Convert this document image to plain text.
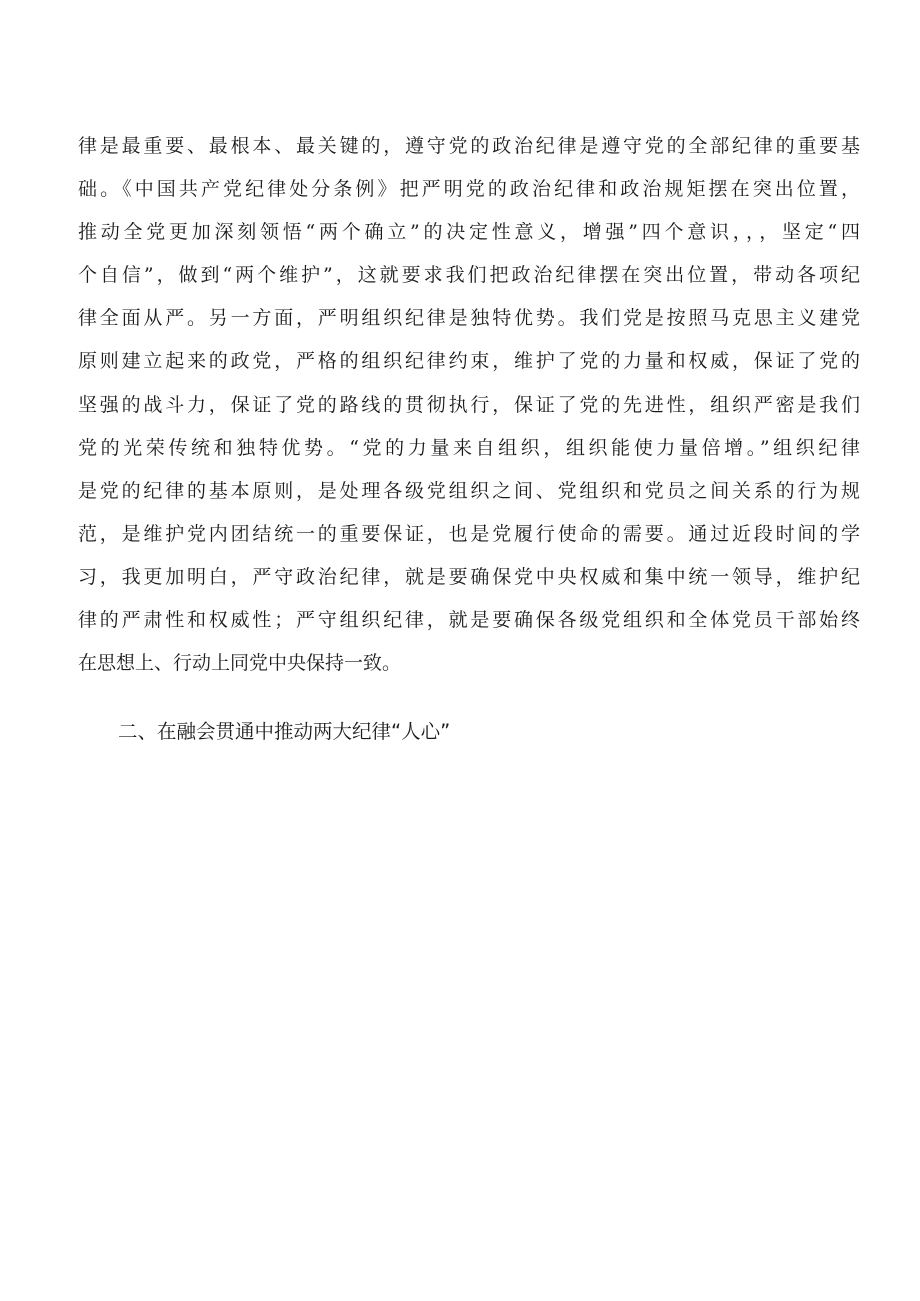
律是最重要、最根本、最关键的，遵守党的政治纪律是遵守党的全部纪律的重要基
础。《中国共产党纪律处分条例》把严明党的政治纪律和政治规矩摆在突出位置，
推动全党更加深刻领悟“两个确立”的决定性意义，增强”四个意识，，，坚定“四
个自信”，做到“两个维护”，这就要求我们把政治纪律摆在突出位置，带动各项纪
律全面从严。另一方面，严明组织纪律是独特优势。我们党是按照马克思主义建党
原则建立起来的政党，严格的组织纪律约束，维护了党的力量和权威，保证了党的
坚强的战斗力，保证了党的路线的贯彻执行，保证了党的先进性，组织严密是我们
党的光荣传统和独特优势。“党的力量来自组织，组织能使力量倍增。”组织纪律
是党的纪律的基本原则，是处理各级党组织之间、党组织和党员之间关系的行为规
范，是维护党内团结统一的重要保证，也是党履行使命的需要。通过近段时间的学
习，我更加明白，严守政治纪律，就是要确保党中央权威和集中统一领导，维护纪
律的严肃性和权威性；严守组织纪律，就是要确保各级党组织和全体党员干部始终
在思想上、行动上同党中央保持一致。
二、在融会贯通中推动两大纪律“人心”
